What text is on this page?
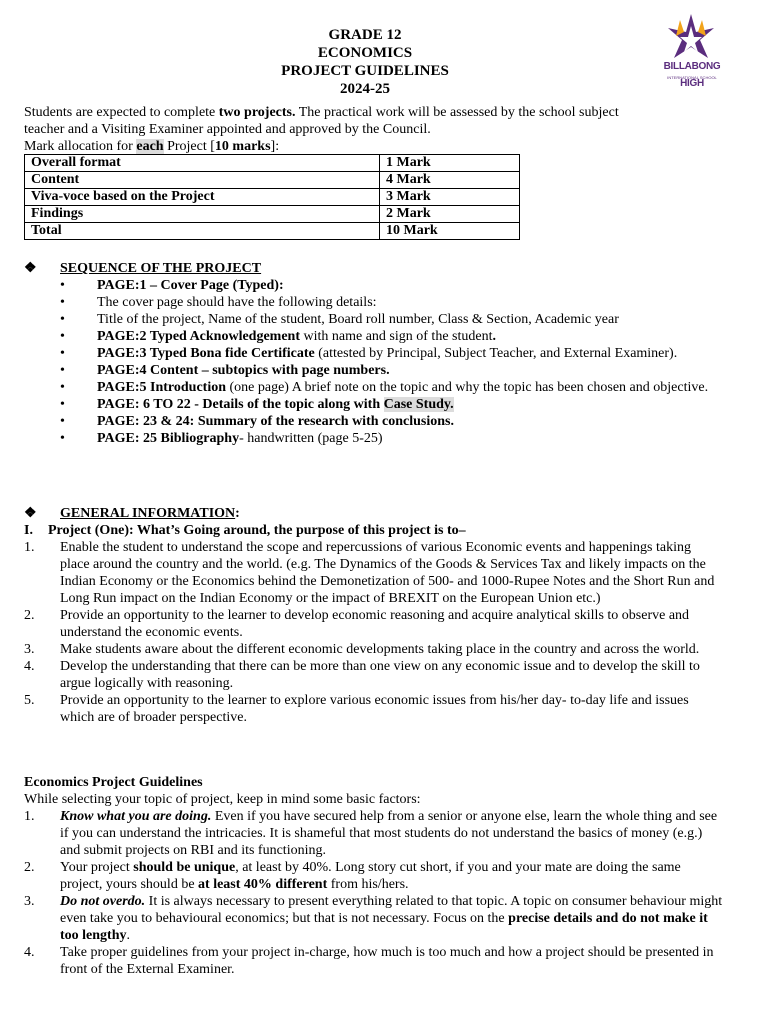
GRADE 12
ECONOMICS
PROJECT GUIDELINES
2024-25
BILLABONG HIGH
INTERNATIONAL SCHOOL
Students are expected to complete two projects. The practical work will be assessed by the school subject
teacher and a Visiting Examiner appointed and approved by the Council.
Mark allocation for each Project [10 marks]:
Overall format	1 Mark
Content	4 Mark
Viva-voce based on the Project	3 Mark
Findings	2 Mark
Total	10 Mark
❖ SEQUENCE OF THE PROJECT
• PAGE:1 – Cover Page (Typed):
• The cover page should have the following details:
• Title of the project, Name of the student, Board roll number, Class & Section, Academic year
• PAGE:2 Typed Acknowledgement with name and sign of the student.
• PAGE:3 Typed Bona fide Certificate (attested by Principal, Subject Teacher, and External Examiner).
• PAGE:4 Content – subtopics with page numbers.
• PAGE:5 Introduction (one page) A brief note on the topic and why the topic has been chosen and objective.
• PAGE: 6 TO 22 - Details of the topic along with Case Study.
• PAGE: 23 & 24: Summary of the research with conclusions.
• PAGE: 25 Bibliography- handwritten (page 5-25)
❖ GENERAL INFORMATION:
I. Project (One): What’s Going around, the purpose of this project is to–
1. Enable the student to understand the scope and repercussions of various Economic events and happenings taking place around the country and the world. (e.g. The Dynamics of the Goods & Services Tax and likely impacts on the Indian Economy or the Economics behind the Demonetization of 500- and 1000-Rupee Notes and the Short Run and Long Run impact on the Indian Economy or the impact of BREXIT on the European Union etc.)
2. Provide an opportunity to the learner to develop economic reasoning and acquire analytical skills to observe and understand the economic events.
3. Make students aware about the different economic developments taking place in the country and across the world.
4. Develop the understanding that there can be more than one view on any economic issue and to develop the skill to argue logically with reasoning.
5. Provide an opportunity to the learner to explore various economic issues from his/her day- to-day life and issues which are of broader perspective.
Economics Project Guidelines
While selecting your topic of project, keep in mind some basic factors:
1. Know what you are doing. Even if you have secured help from a senior or anyone else, learn the whole thing and see if you can understand the intricacies. It is shameful that most students do not understand the basics of money (e.g.) and submit projects on RBI and its functioning.
2. Your project should be unique, at least by 40%. Long story cut short, if you and your mate are doing the same project, yours should be at least 40% different from his/hers.
3. Do not overdo. It is always necessary to present everything related to that topic. A topic on consumer behaviour might even take you to behavioural economics; but that is not necessary. Focus on the precise details and do not make it too lengthy.
4. Take proper guidelines from your project in-charge, how much is too much and how a project should be presented in front of the External Examiner.
